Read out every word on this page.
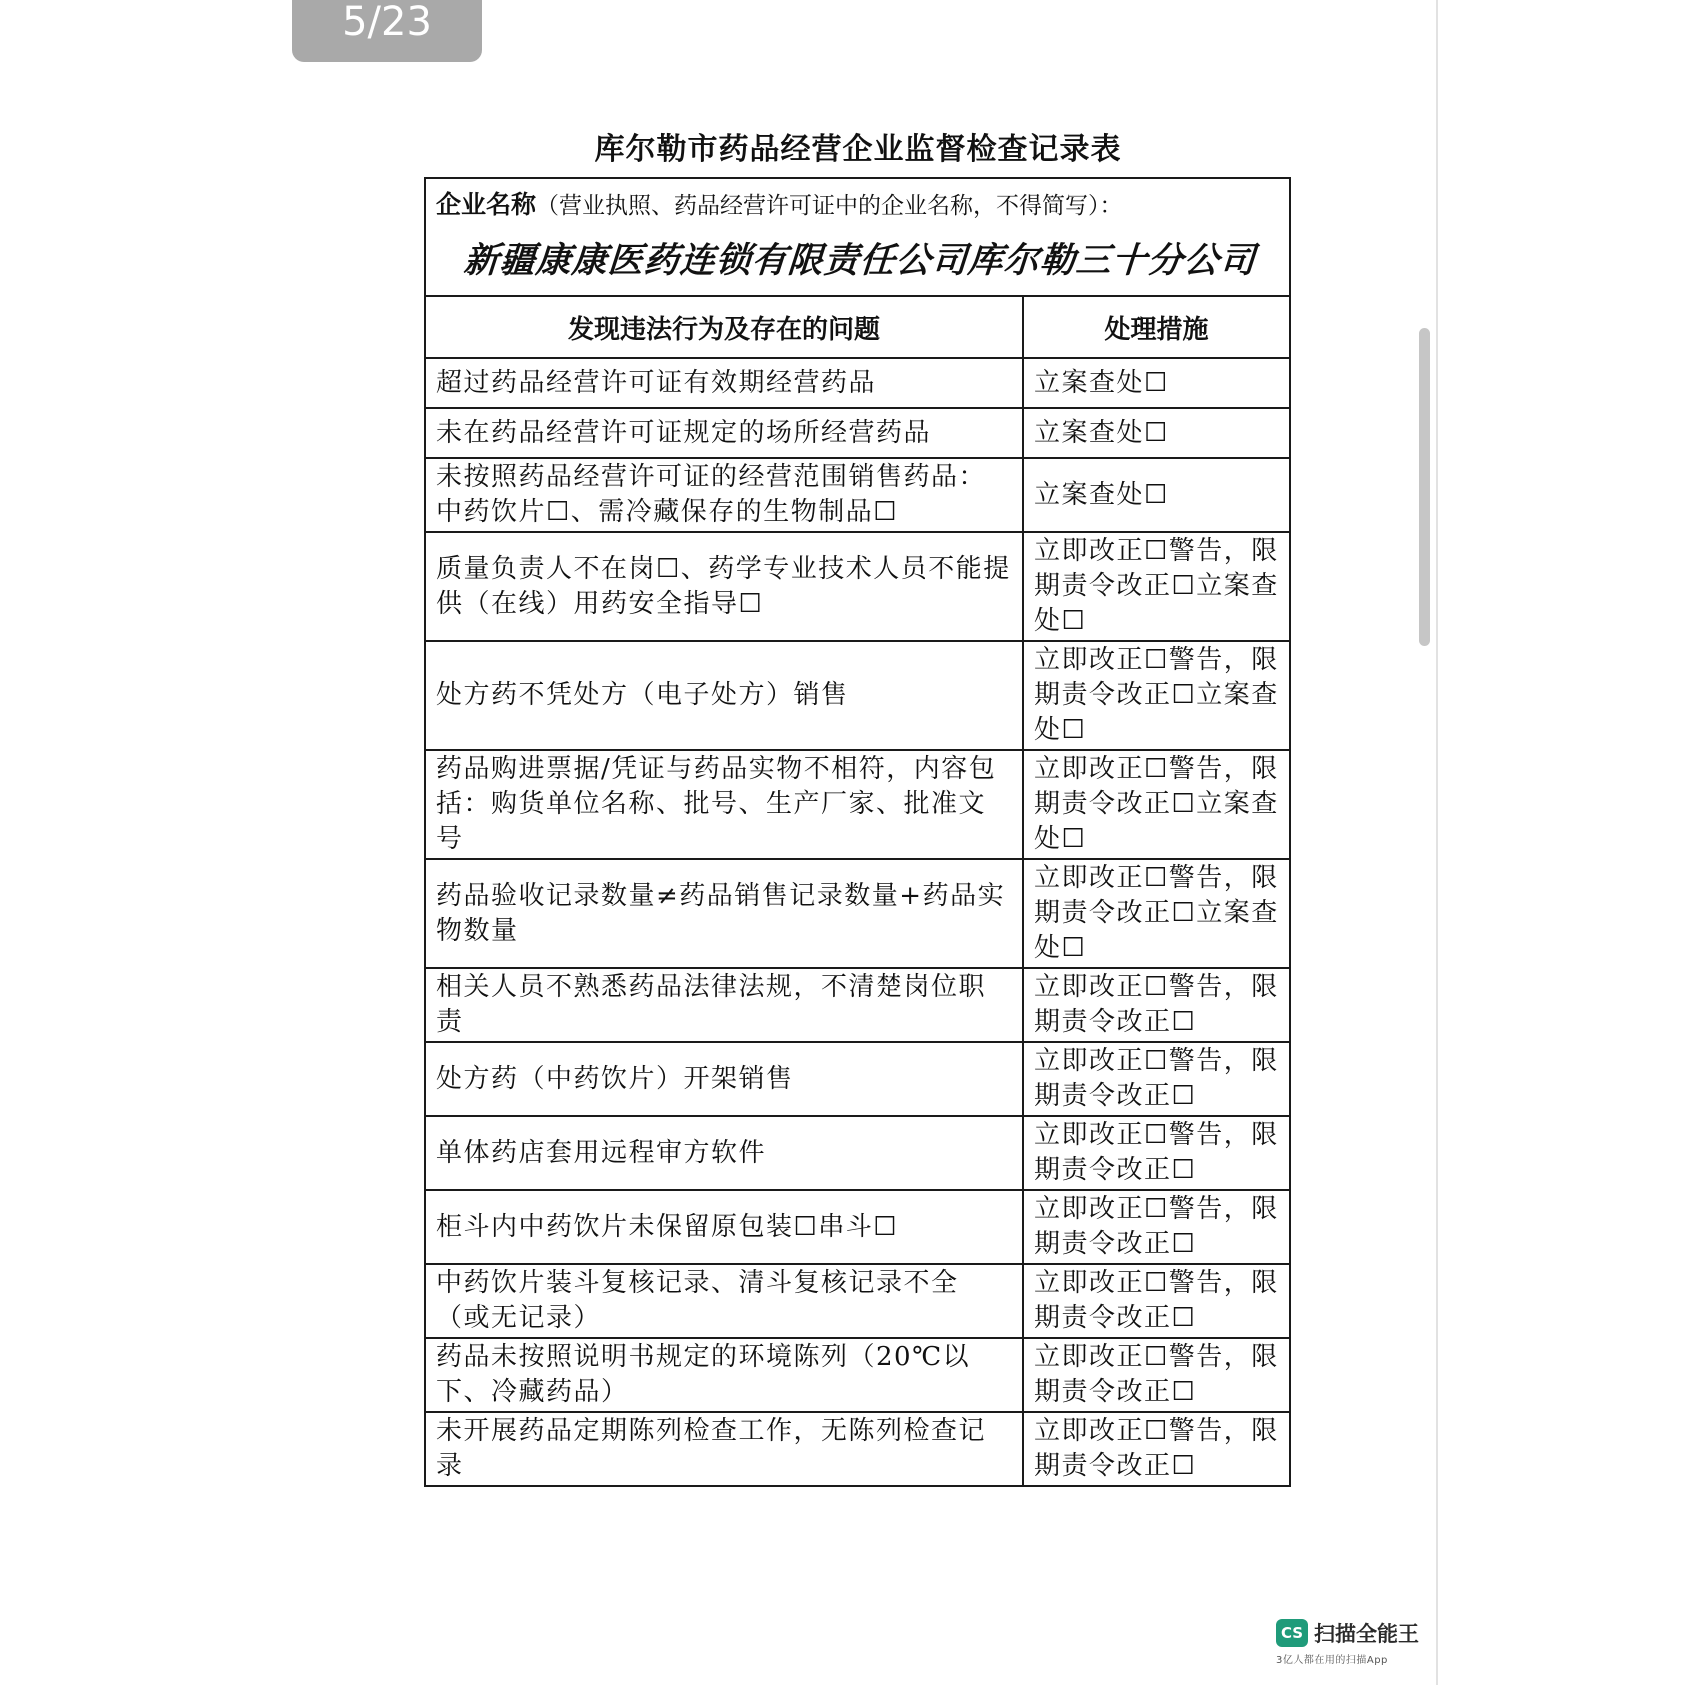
5/23
库尔勒市药品经营企业监督检查记录表
企业名称（营业执照、药品经营许可证中的企业名称，不得简写）：
新疆康康医药连锁有限责任公司库尔勒三十分公司	

发现违法行为及存在的问题	处理措施
超过药品经营许可证有效期经营药品	立案查处☐
未在药品经营许可证规定的场所经营药品	立案查处☐
未按照药品经营许可证的经营范围销售药品：中药饮片☐、需冷藏保存的生物制品☐	立案查处☐
质量负责人不在岗☐、药学专业技术人员不能提供（在线）用药安全指导☐	立即改正☐警告，限期责令改正☐立案查处☐
处方药不凭处方（电子处方）销售	立即改正☐警告，限期责令改正☐立案查处☐
药品购进票据/凭证与药品实物不相符，内容包括：购货单位名称、批号、生产厂家、批准文号	立即改正☐警告，限期责令改正☐立案查处☐
药品验收记录数量≠药品销售记录数量+药品实物数量	立即改正☐警告，限期责令改正☐立案查处☐
相关人员不熟悉药品法律法规，不清楚岗位职责	立即改正☐警告，限期责令改正☐
处方药（中药饮片）开架销售	立即改正☐警告，限期责令改正☐
单体药店套用远程审方软件	立即改正☐警告，限期责令改正☐
柜斗内中药饮片未保留原包装☐串斗☐	立即改正☐警告，限期责令改正☐
中药饮片装斗复核记录、清斗复核记录不全（或无记录）	立即改正☐警告，限期责令改正☐
药品未按照说明书规定的环境陈列（20℃以下、冷藏药品）	立即改正☐警告，限期责令改正☐
未开展药品定期陈列检查工作，无陈列检查记录	立即改正☐警告，限期责令改正☐
CS 扫描全能王
3亿人都在用的扫描App
